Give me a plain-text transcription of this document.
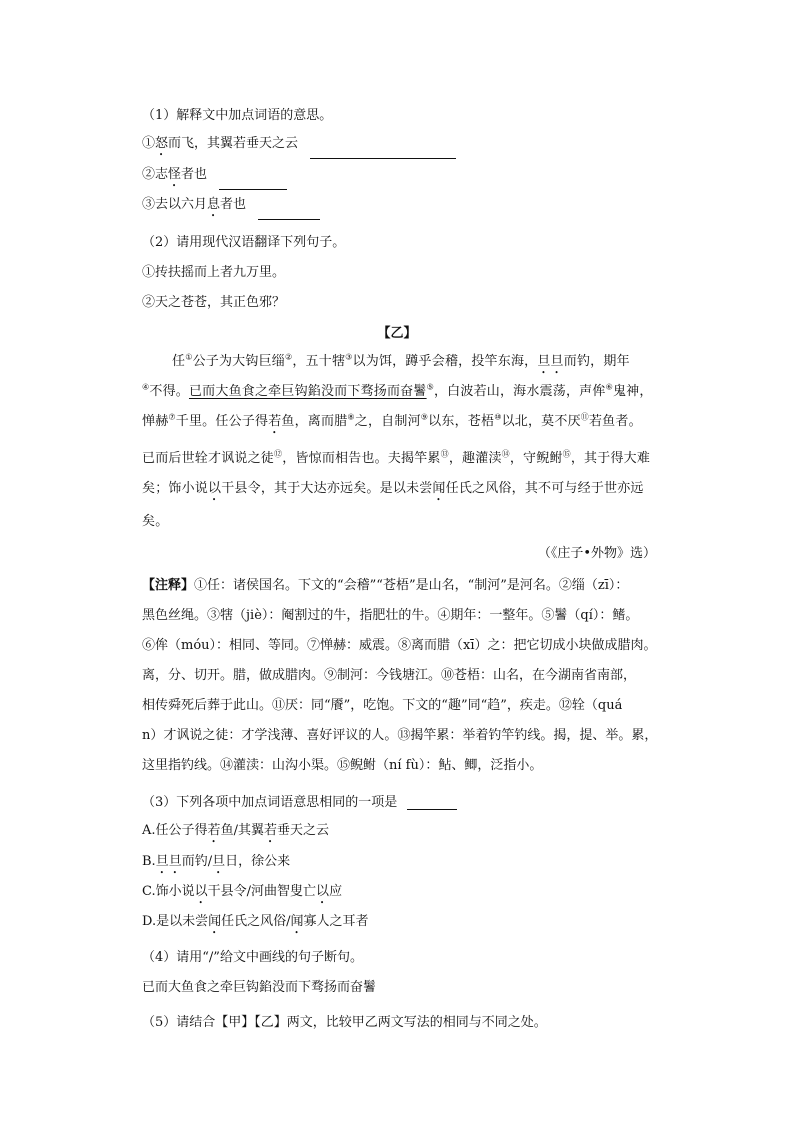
（1）解释文中加点词语的意思。
①怒而飞，其翼若垂天之云
②志怪者也
③去以六月息者也
（2）请用现代汉语翻译下列句子。
①抟扶摇而上者九万里。
②天之苍苍，其正色邪？
【乙】
任①公子为大钩巨缁②，五十犗③以为饵，蹲乎会稽，投竿东海，旦旦而钓，期年
④不得。已而大鱼食之牵巨钩錎没而下骛扬而奋鬐⑤，白波若山，海水震荡，声侔⑥鬼神，
惮赫⑦千里。任公子得若鱼，离而腊⑧之，自制河⑨以东，苍梧⑩以北，莫不厌⑪若鱼者。
已而后世辁才讽说之徒⑫，皆惊而相告也。夫揭竿累⑬，趣灌渎⑭，守鲵鲋⑮，其于得大难
矣；饰小说以干县令，其于大达亦远矣。是以未尝闻任氏之风俗，其不可与经于世亦远
矣。
（《庄子•外物》选）
【注释】①任：诸侯国名。下文的“会稽”“苍梧”是山名，“制河”是河名。②缁（zī）：
黑色丝绳。③犗（jiè）：阉割过的牛，指肥壮的牛。④期年：一整年。⑤鬐（qí）：鳍。
⑥侔（móu）：相同、等同。⑦惮赫：威震。⑧离而腊（xī）之：把它切成小块做成腊肉。
离，分、切开。腊，做成腊肉。⑨制河：今钱塘江。⑩苍梧：山名，在今湖南省南部，
相传舜死后葬于此山。⑪厌：同“餍”，吃饱。下文的“趣”同“趋”，疾走。⑫辁（quá
n）才讽说之徒：才学浅薄、喜好评议的人。⑬揭竿累：举着钓竿钓线。揭，提、举。累，
这里指钓线。⑭灌渎：山沟小渠。⑮鲵鲋（ní fù）：鲇、鲫，泛指小。
（3）下列各项中加点词语意思相同的一项是
A.任公子得若鱼/其翼若垂天之云
B.旦旦而钓/旦日，徐公来
C.饰小说以干县令/河曲智叟亡以应
D.是以未尝闻任氏之风俗/闻寡人之耳者
（4）请用“/”给文中画线的句子断句。
已而大鱼食之牵巨钩錎没而下骛扬而奋鬐
（5）请结合【甲】【乙】两文，比较甲乙两文写法的相同与不同之处。
